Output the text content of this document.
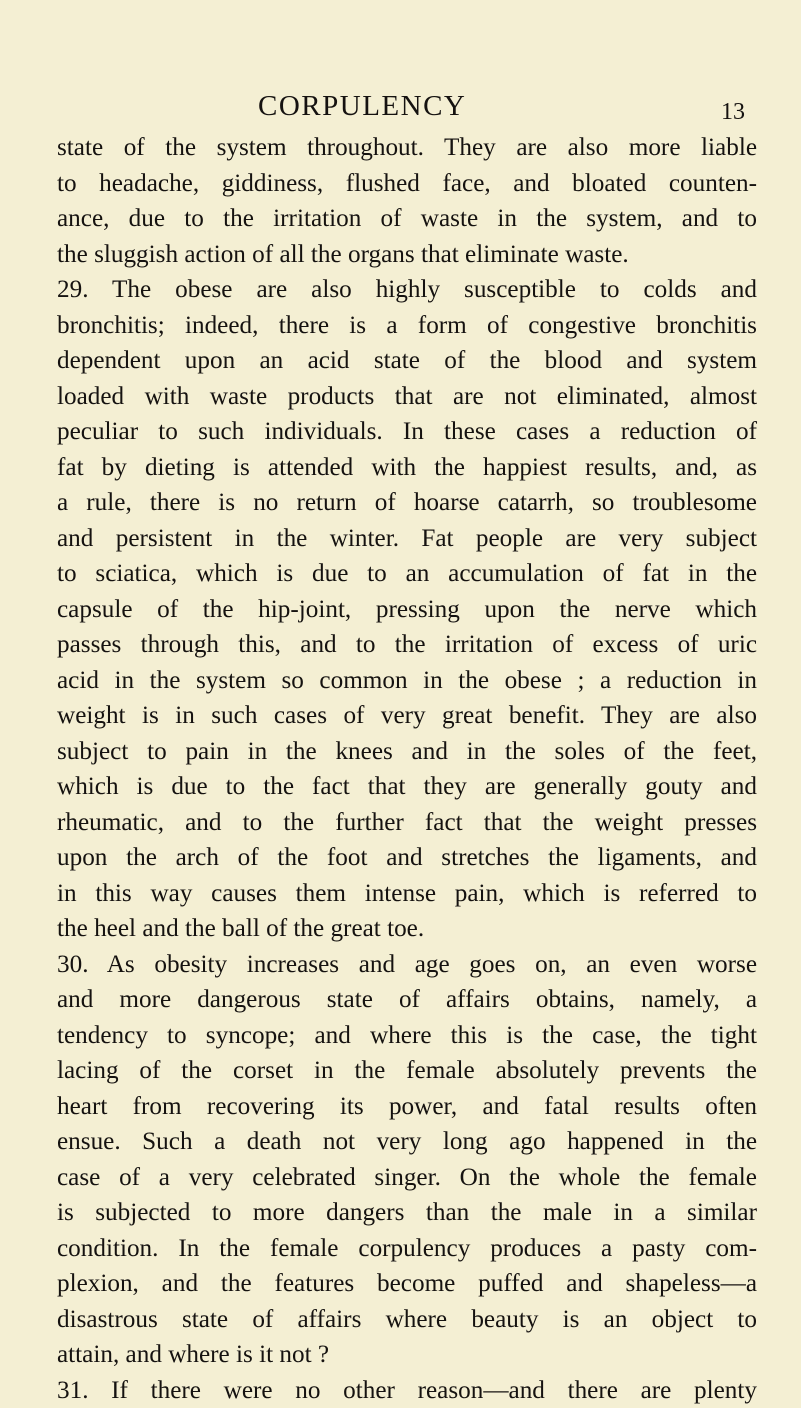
CORPULENCY	13
state of the system throughout. They are also more liable
to headache, giddiness, flushed face, and bloated counten-
ance, due to the irritation of waste in the system, and to
the sluggish action of all the organs that eliminate waste.
29. The obese are also highly susceptible to colds and
bronchitis; indeed, there is a form of congestive bronchitis
dependent upon an acid state of the blood and system
loaded with waste products that are not eliminated, almost
peculiar to such individuals. In these cases a reduction of
fat by dieting is attended with the happiest results, and, as
a rule, there is no return of hoarse catarrh, so troublesome
and persistent in the winter. Fat people are very subject
to sciatica, which is due to an accumulation of fat in the
capsule of the hip-joint, pressing upon the nerve which
passes through this, and to the irritation of excess of uric
acid in the system so common in the obese ; a reduction in
weight is in such cases of very great benefit. They are also
subject to pain in the knees and in the soles of the feet,
which is due to the fact that they are generally gouty and
rheumatic, and to the further fact that the weight presses
upon the arch of the foot and stretches the ligaments, and
in this way causes them intense pain, which is referred to
the heel and the ball of the great toe.
30. As obesity increases and age goes on, an even worse
and more dangerous state of affairs obtains, namely, a
tendency to syncope; and where this is the case, the tight
lacing of the corset in the female absolutely prevents the
heart from recovering its power, and fatal results often
ensue. Such a death not very long ago happened in the
case of a very celebrated singer. On the whole the female
is subjected to more dangers than the male in a similar
condition. In the female corpulency produces a pasty com-
plexion, and the features become puffed and shapeless—a
disastrous state of affairs where beauty is an object to
attain, and where is it not ?
31. If there were no other reason—and there are plenty
